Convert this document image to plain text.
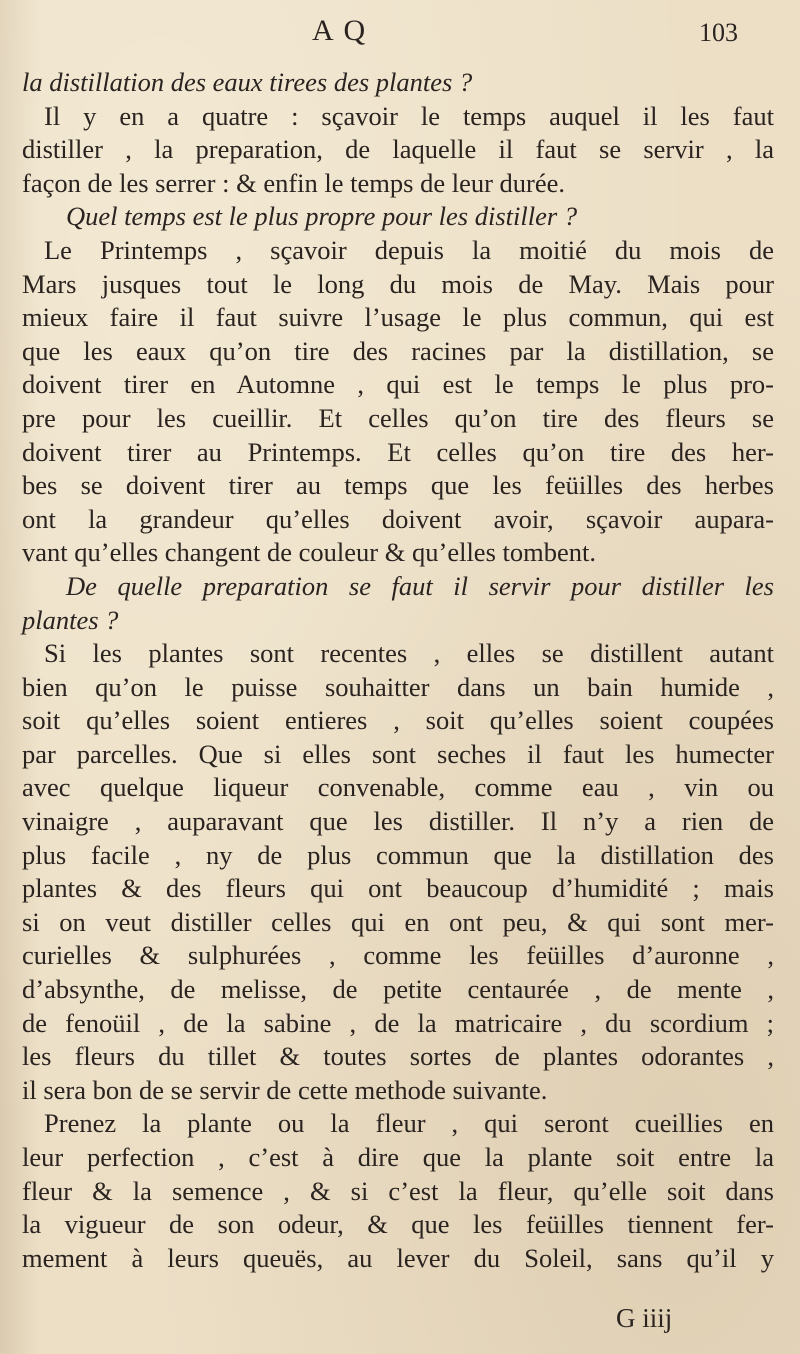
A Q	103
la distillation des eaux tirees des plantes ?
Il y en a quatre : sçavoir le temps auquel il les faut
distiller , la preparation, de laquelle il faut se servir , la
façon de les serrer : & enfin le temps de leur durée.
Quel temps est le plus propre pour les distiller ?
Le Printemps , sçavoir depuis la moitié du mois de
Mars jusques tout le long du mois de May. Mais pour
mieux faire il faut suivre l’usage le plus commun, qui est
que les eaux qu’on tire des racines par la distillation, se
doivent tirer en Automne , qui est le temps le plus pro-
pre pour les cueillir. Et celles qu’on tire des fleurs se
doivent tirer au Printemps. Et celles qu’on tire des her-
bes se doivent tirer au temps que les feüilles des herbes
ont la grandeur qu’elles doivent avoir, sçavoir aupara-
vant qu’elles changent de couleur & qu’elles tombent.
De quelle preparation se faut il servir pour distiller les
plantes ?
Si les plantes sont recentes , elles se distillent autant
bien qu’on le puisse souhaitter dans un bain humide ,
soit qu’elles soient entieres , soit qu’elles soient coupées
par parcelles. Que si elles sont seches il faut les humecter
avec quelque liqueur convenable, comme eau , vin ou
vinaigre , auparavant que les distiller. Il n’y a rien de
plus facile , ny de plus commun que la distillation des
plantes & des fleurs qui ont beaucoup d’humidité ; mais
si on veut distiller celles qui en ont peu, & qui sont mer-
curielles & sulphurées , comme les feüilles d’auronne ,
d’absynthe, de melisse, de petite centaurée , de mente ,
de fenoüil , de la sabine , de la matricaire , du scordium ;
les fleurs du tillet & toutes sortes de plantes odorantes ,
il sera bon de se servir de cette methode suivante.
Prenez la plante ou la fleur , qui seront cueillies en
leur perfection , c’est à dire que la plante soit entre la
fleur & la semence , & si c’est la fleur, qu’elle soit dans
la vigueur de son odeur, & que les feüilles tiennent fer-
mement à leurs queuës, au lever du Soleil, sans qu’il y
G iiij
